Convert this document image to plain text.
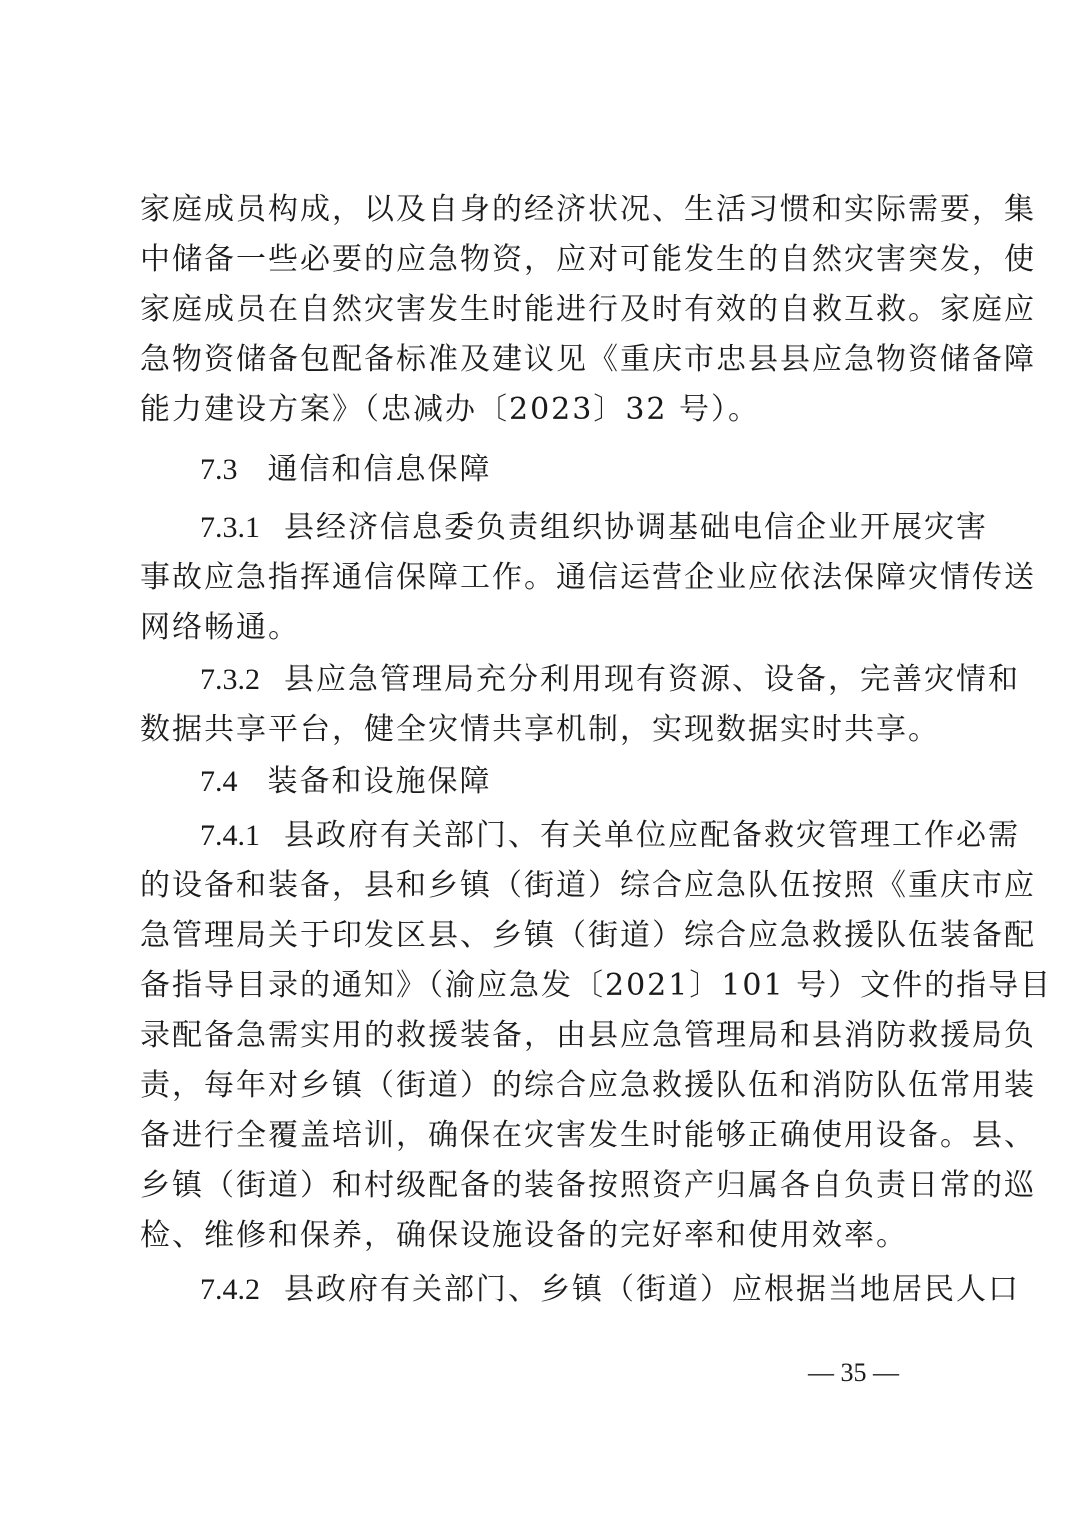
家庭成员构成，以及自身的经济状况、生活习惯和实际需要，集
中储备一些必要的应急物资，应对可能发生的自然灾害突发，使
家庭成员在自然灾害发生时能进行及时有效的自救互救。家庭应
急物资储备包配备标准及建议见《重庆市忠县县应急物资储备障
能力建设方案》（忠减办〔2023〕32 号）。
7.3 通信和信息保障
7.3.1 县经济信息委负责组织协调基础电信企业开展灾害
事故应急指挥通信保障工作。通信运营企业应依法保障灾情传送
网络畅通。
7.3.2 县应急管理局充分利用现有资源、设备，完善灾情和
数据共享平台，健全灾情共享机制，实现数据实时共享。
7.4 装备和设施保障
7.4.1 县政府有关部门、有关单位应配备救灾管理工作必需
的设备和装备，县和乡镇（街道）综合应急队伍按照《重庆市应
急管理局关于印发区县、乡镇（街道）综合应急救援队伍装备配
备指导目录的通知》（渝应急发〔2021〕101 号）文件的指导目
录配备急需实用的救援装备，由县应急管理局和县消防救援局负
责，每年对乡镇（街道）的综合应急救援队伍和消防队伍常用装
备进行全覆盖培训，确保在灾害发生时能够正确使用设备。县、
乡镇（街道）和村级配备的装备按照资产归属各自负责日常的巡
检、维修和保养，确保设施设备的完好率和使用效率。
7.4.2 县政府有关部门、乡镇（街道）应根据当地居民人口
— 35 —
